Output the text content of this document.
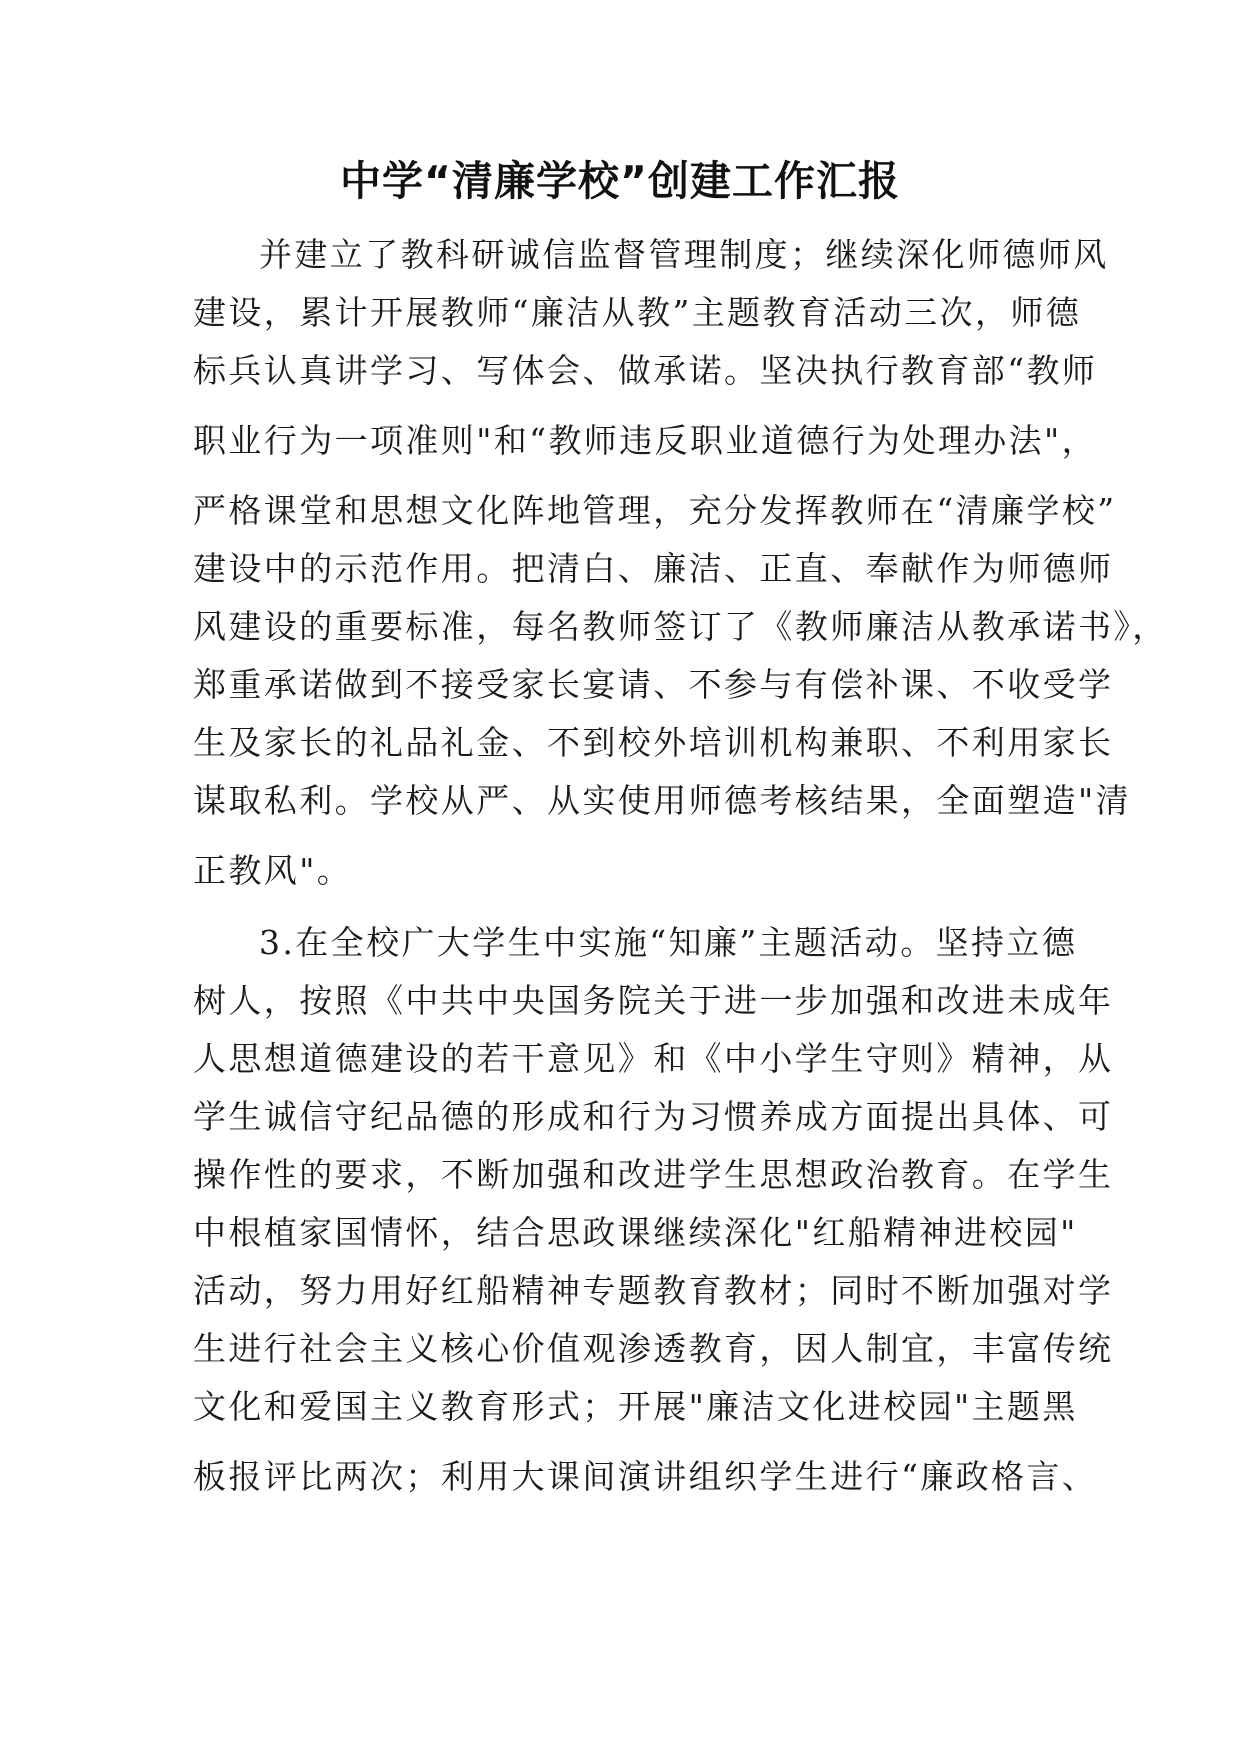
中学“清廉学校”创建工作汇报
并建立了教科研诚信监督管理制度；继续深化师德师风
建设，累计开展教师“廉洁从教”主题教育活动三次，师德
标兵认真讲学习、写体会、做承诺。坚决执行教育部“教师
职业行为一项准则"和“教师违反职业道德行为处理办法"，
严格课堂和思想文化阵地管理，充分发挥教师在“清廉学校”
建设中的示范作用。把清白、廉洁、正直、奉献作为师德师
风建设的重要标准，每名教师签订了《教师廉洁从教承诺书》，
郑重承诺做到不接受家长宴请、不参与有偿补课、不收受学
生及家长的礼品礼金、不到校外培训机构兼职、不利用家长
谋取私利。学校从严、从实使用师德考核结果，全面塑造"清
正教风"。
3.在全校广大学生中实施“知廉”主题活动。坚持立德
树人，按照《中共中央国务院关于进一步加强和改进未成年
人思想道德建设的若干意见》和《中小学生守则》精神，从
学生诚信守纪品德的形成和行为习惯养成方面提出具体、可
操作性的要求，不断加强和改进学生思想政治教育。在学生
中根植家国情怀，结合思政课继续深化"红船精神进校园"
活动，努力用好红船精神专题教育教材；同时不断加强对学
生进行社会主义核心价值观渗透教育，因人制宜，丰富传统
文化和爱国主义教育形式；开展"廉洁文化进校园"主题黑
板报评比两次；利用大课间演讲组织学生进行“廉政格言、
